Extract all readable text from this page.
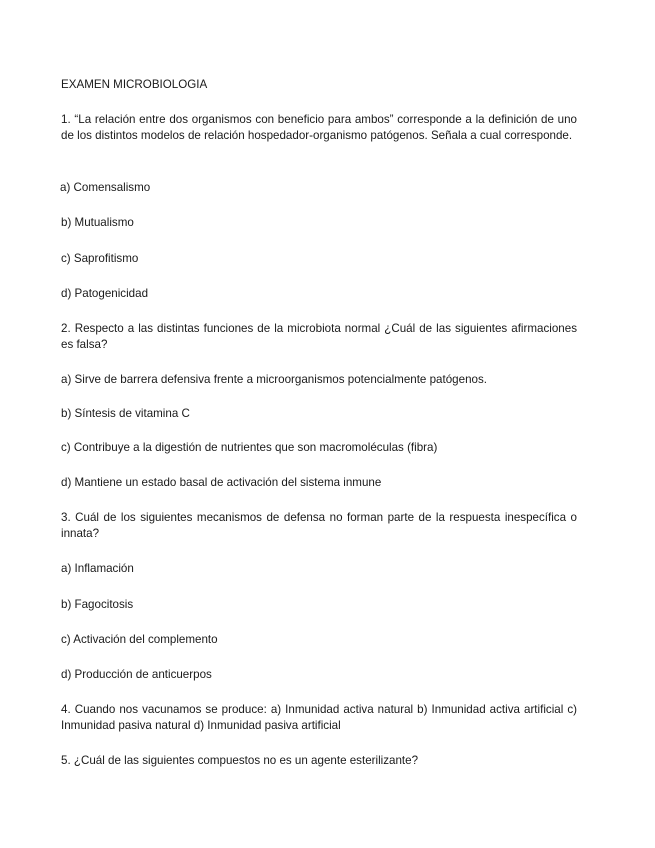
EXAMEN MICROBIOLOGIA
1. “La relación entre dos organismos con beneficio para ambos” corresponde a la definición de uno de los distintos modelos de relación hospedador-organismo patógenos. Señala a cual corresponde.
a) Comensalismo
b) Mutualismo
c) Saprofitismo
d) Patogenicidad
2. Respecto a las distintas funciones de la microbiota normal ¿Cuál de las siguientes afirmaciones es falsa?
a) Sirve de barrera defensiva frente a microorganismos potencialmente patógenos.
b) Síntesis de vitamina C
c) Contribuye a la digestión de nutrientes que son macromoléculas (fibra)
d) Mantiene un estado basal de activación del sistema inmune
3. Cuál de los siguientes mecanismos de defensa no forman parte de la respuesta inespecífica o innata?
a) Inflamación
b) Fagocitosis
c) Activación del complemento
d) Producción de anticuerpos
4. Cuando nos vacunamos se produce: a) Inmunidad activa natural b) Inmunidad activa artificial c) Inmunidad pasiva natural d) Inmunidad pasiva artificial
5. ¿Cuál de las siguientes compuestos no es un agente esterilizante?
